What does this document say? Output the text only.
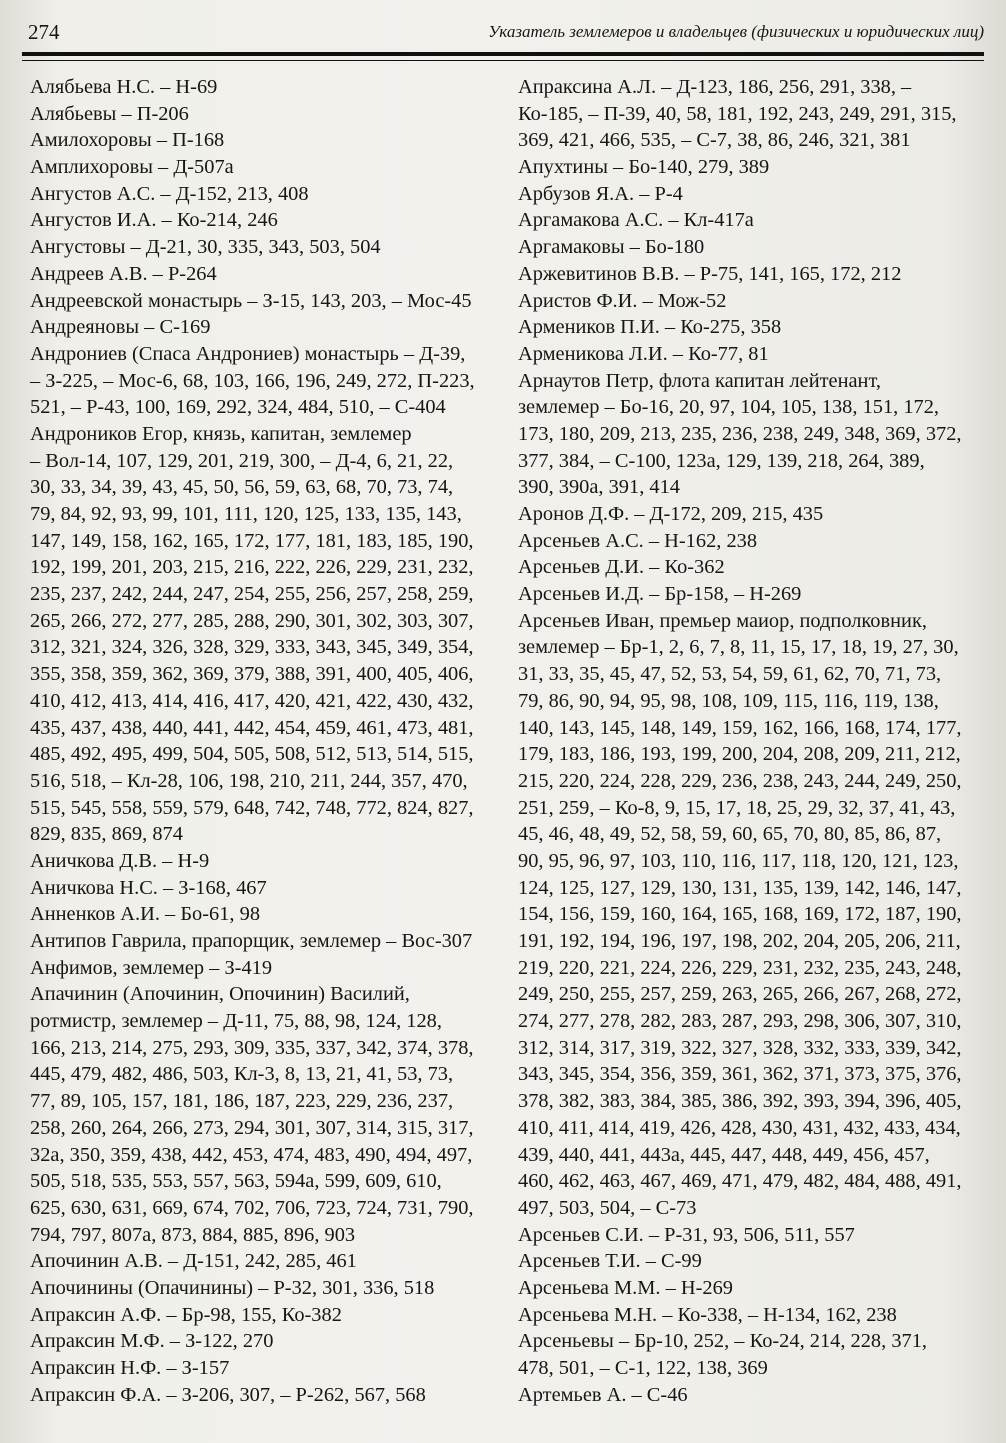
274	Указатель землемеров и владельцев (физических и юридических лиц)
Алябьева Н.С. – Н-69
Алябьевы – П-206
Амилохоровы – П-168
Амплихоровы – Д-507а
Ангустов А.С. – Д-152, 213, 408
Ангустов И.А. – Ко-214, 246
Ангустовы – Д-21, 30, 335, 343, 503, 504
Андреев А.В. – Р-264
Андреевской монастырь – З-15, 143, 203, – Мос-45
Андреяновы – С-169
Андрониев (Спаса Андрониев) монастырь – Д-39,
– З-225, – Мос-6, 68, 103, 166, 196, 249, 272, П-223,
521, – Р-43, 100, 169, 292, 324, 484, 510, – С-404
Андроников Егор, князь, капитан, землемер
– Вол-14, 107, 129, 201, 219, 300, – Д-4, 6, 21, 22,
30, 33, 34, 39, 43, 45, 50, 56, 59, 63, 68, 70, 73, 74,
79, 84, 92, 93, 99, 101, 111, 120, 125, 133, 135, 143,
147, 149, 158, 162, 165, 172, 177, 181, 183, 185, 190,
192, 199, 201, 203, 215, 216, 222, 226, 229, 231, 232,
235, 237, 242, 244, 247, 254, 255, 256, 257, 258, 259,
265, 266, 272, 277, 285, 288, 290, 301, 302, 303, 307,
312, 321, 324, 326, 328, 329, 333, 343, 345, 349, 354,
355, 358, 359, 362, 369, 379, 388, 391, 400, 405, 406,
410, 412, 413, 414, 416, 417, 420, 421, 422, 430, 432,
435, 437, 438, 440, 441, 442, 454, 459, 461, 473, 481,
485, 492, 495, 499, 504, 505, 508, 512, 513, 514, 515,
516, 518, – Кл-28, 106, 198, 210, 211, 244, 357, 470,
515, 545, 558, 559, 579, 648, 742, 748, 772, 824, 827,
829, 835, 869, 874
Аничкова Д.В. – Н-9
Аничкова Н.С. – З-168, 467
Анненков А.И. – Бо-61, 98
Антипов Гаврила, прапорщик, землемер – Вос-307
Анфимов, землемер – З-419
Апачинин (Апочинин, Опочинин) Василий,
ротмистр, землемер – Д-11, 75, 88, 98, 124, 128,
166, 213, 214, 275, 293, 309, 335, 337, 342, 374, 378,
445, 479, 482, 486, 503, Кл-3, 8, 13, 21, 41, 53, 73,
77, 89, 105, 157, 181, 186, 187, 223, 229, 236, 237,
258, 260, 264, 266, 273, 294, 301, 307, 314, 315, 317,
32а, 350, 359, 438, 442, 453, 474, 483, 490, 494, 497,
505, 518, 535, 553, 557, 563, 594а, 599, 609, 610,
625, 630, 631, 669, 674, 702, 706, 723, 724, 731, 790,
794, 797, 807а, 873, 884, 885, 896, 903
Апочинин А.В. – Д-151, 242, 285, 461
Апочинины (Опачинины) – Р-32, 301, 336, 518
Апраксин А.Ф. – Бр-98, 155, Ко-382
Апраксин М.Ф. – З-122, 270
Апраксин Н.Ф. – З-157
Апраксин Ф.А. – З-206, 307, – Р-262, 567, 568
Апраксина А.Л. – Д-123, 186, 256, 291, 338, –
Ко-185, – П-39, 40, 58, 181, 192, 243, 249, 291, 315,
369, 421, 466, 535, – С-7, 38, 86, 246, 321, 381
Апухтины – Бо-140, 279, 389
Арбузов Я.А. – Р-4
Аргамакова А.С. – Кл-417а
Аргамаковы – Бо-180
Аржевитинов В.В. – Р-75, 141, 165, 172, 212
Аристов Ф.И. – Мож-52
Армеников П.И. – Ко-275, 358
Арменикова Л.И. – Ко-77, 81
Арнаутов Петр, флота капитан лейтенант,
землемер – Бо-16, 20, 97, 104, 105, 138, 151, 172,
173, 180, 209, 213, 235, 236, 238, 249, 348, 369, 372,
377, 384, – С-100, 123а, 129, 139, 218, 264, 389,
390, 390а, 391, 414
Аронов Д.Ф. – Д-172, 209, 215, 435
Арсеньев А.С. – Н-162, 238
Арсеньев Д.И. – Ко-362
Арсеньев И.Д. – Бр-158, – Н-269
Арсеньев Иван, премьер маиор, подполковник,
землемер – Бр-1, 2, 6, 7, 8, 11, 15, 17, 18, 19, 27, 30,
31, 33, 35, 45, 47, 52, 53, 54, 59, 61, 62, 70, 71, 73,
79, 86, 90, 94, 95, 98, 108, 109, 115, 116, 119, 138,
140, 143, 145, 148, 149, 159, 162, 166, 168, 174, 177,
179, 183, 186, 193, 199, 200, 204, 208, 209, 211, 212,
215, 220, 224, 228, 229, 236, 238, 243, 244, 249, 250,
251, 259, – Ко-8, 9, 15, 17, 18, 25, 29, 32, 37, 41, 43,
45, 46, 48, 49, 52, 58, 59, 60, 65, 70, 80, 85, 86, 87,
90, 95, 96, 97, 103, 110, 116, 117, 118, 120, 121, 123,
124, 125, 127, 129, 130, 131, 135, 139, 142, 146, 147,
154, 156, 159, 160, 164, 165, 168, 169, 172, 187, 190,
191, 192, 194, 196, 197, 198, 202, 204, 205, 206, 211,
219, 220, 221, 224, 226, 229, 231, 232, 235, 243, 248,
249, 250, 255, 257, 259, 263, 265, 266, 267, 268, 272,
274, 277, 278, 282, 283, 287, 293, 298, 306, 307, 310,
312, 314, 317, 319, 322, 327, 328, 332, 333, 339, 342,
343, 345, 354, 356, 359, 361, 362, 371, 373, 375, 376,
378, 382, 383, 384, 385, 386, 392, 393, 394, 396, 405,
410, 411, 414, 419, 426, 428, 430, 431, 432, 433, 434,
439, 440, 441, 443а, 445, 447, 448, 449, 456, 457,
460, 462, 463, 467, 469, 471, 479, 482, 484, 488, 491,
497, 503, 504, – С-73
Арсеньев С.И. – Р-31, 93, 506, 511, 557
Арсеньев Т.И. – С-99
Арсеньева М.М. – Н-269
Арсеньева М.Н. – Ко-338, – Н-134, 162, 238
Арсеньевы – Бр-10, 252, – Ко-24, 214, 228, 371,
478, 501, – С-1, 122, 138, 369
Артемьев А. – С-46
